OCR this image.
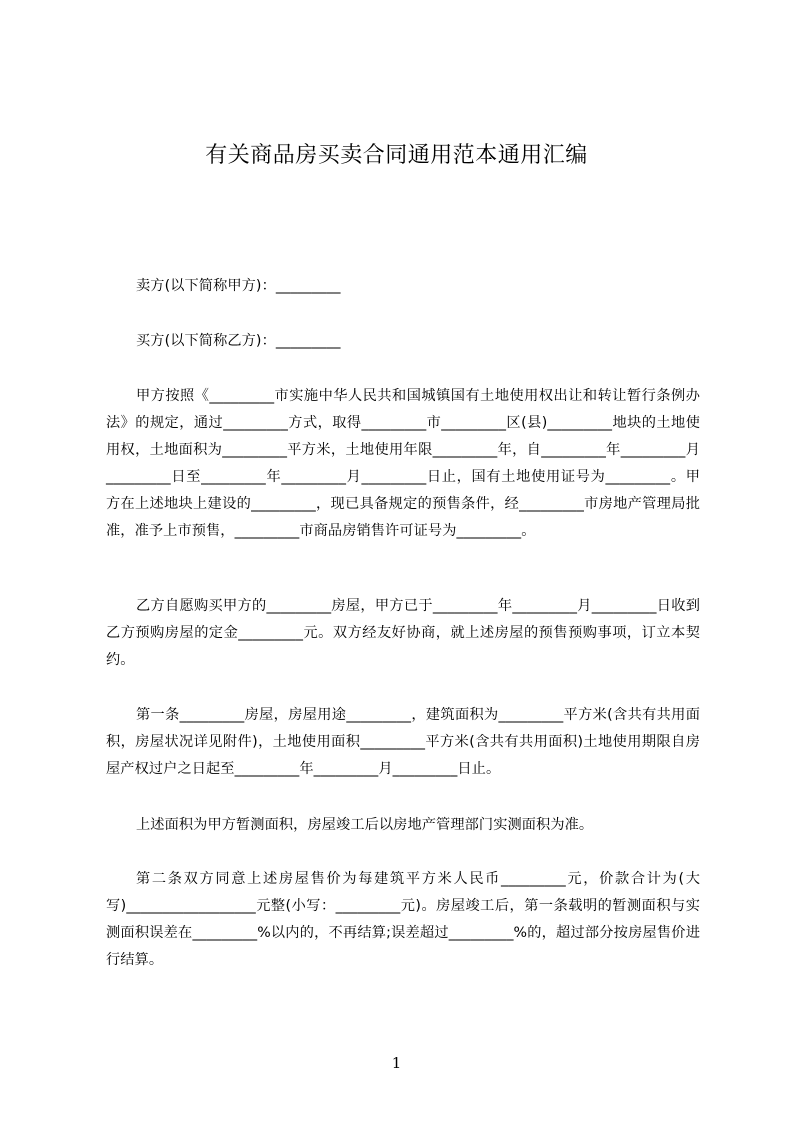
有关商品房买卖合同通用范本通用汇编

卖方(以下简称甲方)：_________

买方(以下简称乙方)：_________

甲方按照《_________市实施中华人民共和国城镇国有土地使用权出让和转让暂行条例办法》的规定，通过_________方式，取得_________市_________区(县)_________地块的土地使用权，土地面积为_________平方米，土地使用年限_________年，自_________年_________月_________日至_________年_________月_________日止，国有土地使用证号为_________。甲方在上述地块上建设的_________，现已具备规定的预售条件，经_________市房地产管理局批准，准予上市预售，_________市商品房销售许可证号为_________。

乙方自愿购买甲方的_________房屋，甲方已于_________年_________月_________日收到乙方预购房屋的定金_________元。双方经友好协商，就上述房屋的预售预购事项，订立本契约。

第一条_________房屋，房屋用途_________，建筑面积为_________平方米(含共有共用面积，房屋状况详见附件)，土地使用面积_________平方米(含共有共用面积)土地使用期限自房屋产权过户之日起至_________年_________月_________日止。

上述面积为甲方暂测面积，房屋竣工后以房地产管理部门实测面积为准。

第二条双方同意上述房屋售价为每建筑平方米人民币_________元，价款合计为(大写)__________________元整(小写：_________元)。房屋竣工后，第一条载明的暂测面积与实测面积误差在_________%以内的，不再结算;误差超过_________%的，超过部分按房屋售价进行结算。

1
